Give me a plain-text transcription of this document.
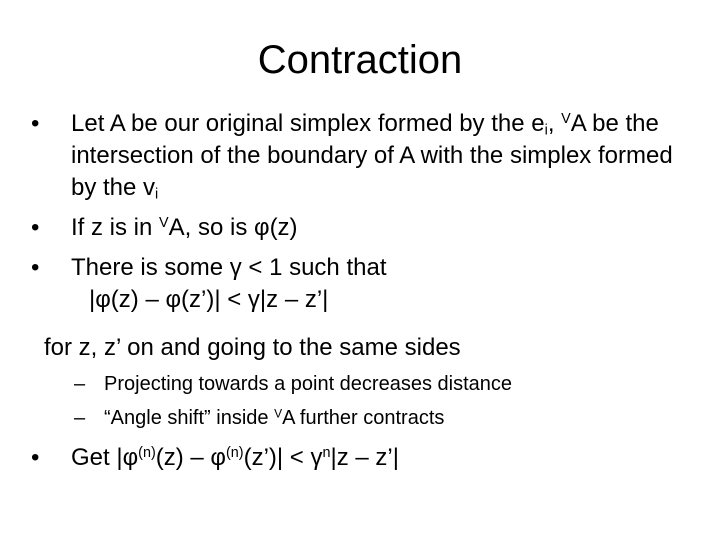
Contraction
• Let A be our original simplex formed by the $e_i$, $^V$A be the intersection of the boundary of A with the simplex formed by the $v_i$
• If z is in $^V$A, so is φ(z)
• There is some γ < 1 such that
|φ(z) – φ(z’)| < γ|z – z’|
for z, z’ on and going to the same sides
– Projecting towards a point decreases distance
– “Angle shift” inside $^V$A further contracts
• Get $|\varphi^{(n)}(z)$ – $\varphi^{(n)}(z’)| < \gamma^n|z$ – z’|
